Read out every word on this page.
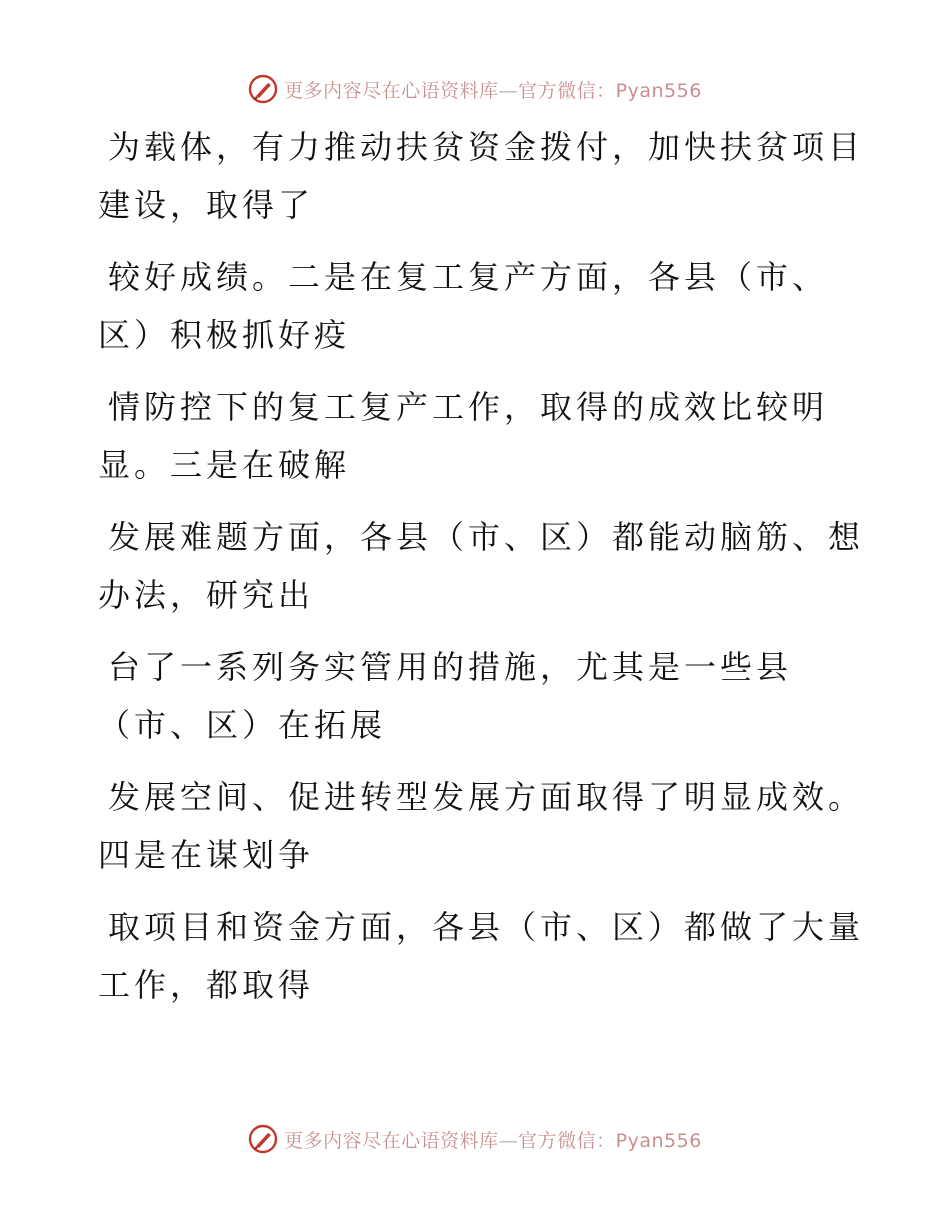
更多内容尽在心语资料库—官方微信：Pyan556

为载体，有力推动扶贫资金拨付，加快扶贫项目
建设，取得了

较好成绩。二是在复工复产方面，各县（市、
区）积极抓好疫

情防控下的复工复产工作，取得的成效比较明
显。三是在破解

发展难题方面，各县（市、区）都能动脑筋、想
办法，研究出

台了一系列务实管用的措施，尤其是一些县
（市、区）在拓展

发展空间、促进转型发展方面取得了明显成效。
四是在谋划争

取项目和资金方面，各县（市、区）都做了大量
工作，都取得

更多内容尽在心语资料库—官方微信：Pyan556
